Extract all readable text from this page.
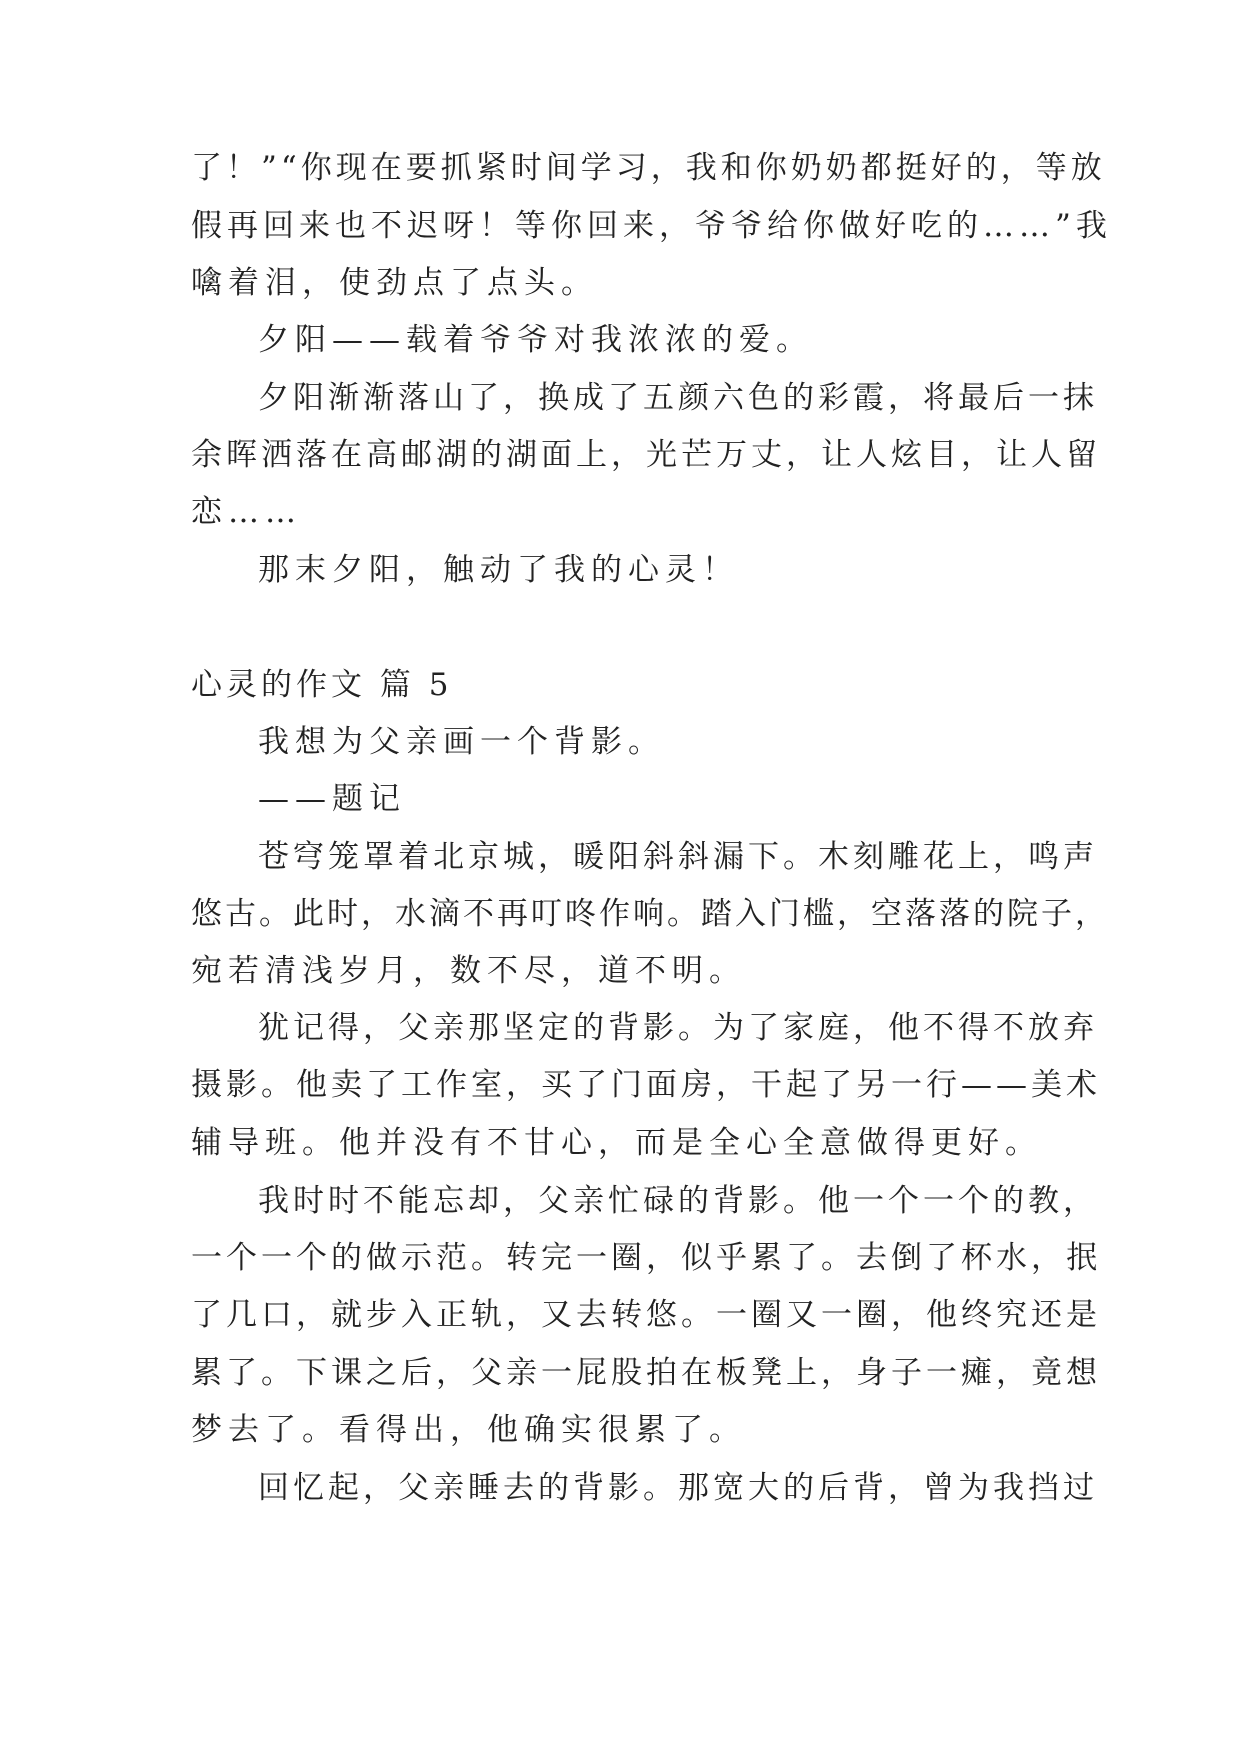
了！”“你现在要抓紧时间学习，我和你奶奶都挺好的，等放
假再回来也不迟呀！等你回来，爷爷给你做好吃的……”我
噙着泪，使劲点了点头。
夕阳——载着爷爷对我浓浓的爱。
夕阳渐渐落山了，换成了五颜六色的彩霞，将最后一抹
余晖洒落在高邮湖的湖面上，光芒万丈，让人炫目，让人留
恋……
那末夕阳，触动了我的心灵！
心灵的作文 篇 5
我想为父亲画一个背影。
——题记
苍穹笼罩着北京城，暖阳斜斜漏下。木刻雕花上，鸣声
悠古。此时，水滴不再叮咚作响。踏入门槛，空落落的院子，
宛若清浅岁月，数不尽，道不明。
犹记得，父亲那坚定的背影。为了家庭，他不得不放弃
摄影。他卖了工作室，买了门面房，干起了另一行——美术
辅导班。他并没有不甘心，而是全心全意做得更好。
我时时不能忘却，父亲忙碌的背影。他一个一个的教，
一个一个的做示范。转完一圈，似乎累了。去倒了杯水，抿
了几口，就步入正轨，又去转悠。一圈又一圈，他终究还是
累了。下课之后，父亲一屁股拍在板凳上，身子一瘫，竟想
梦去了。看得出，他确实很累了。
回忆起，父亲睡去的背影。那宽大的后背，曾为我挡过
